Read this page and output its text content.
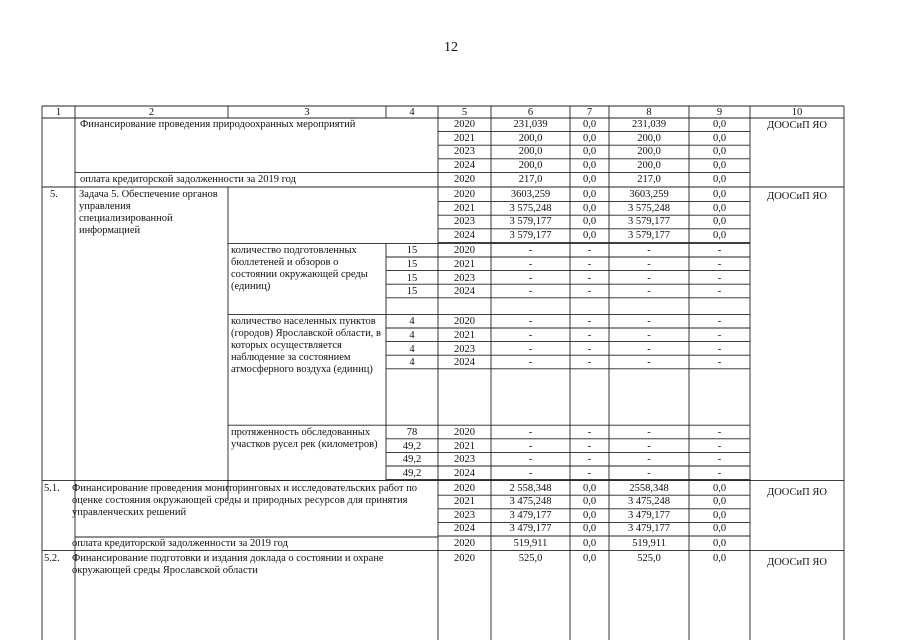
12
1	2	3	4	5	6	7	8	9	10
Финансирование проведения природоохранных мероприятий	2020	231,039	0,0	231,039	0,0
2021	200,0	0,0	200,0	0,0
2023	200,0	0,0	200,0	0,0
2024	200,0	0,0	200,0	0,0
ДООСиП ЯО
оплата кредиторской задолженности за 2019 год	2020	217,0	0,0	217,0	0,0
5.	Задача 5. Обеспечение органов управления специализированной информацией
ДООСиП ЯО
2020	3603,259	0,0	3603,259	0,0
2021	3 575,248	0,0	3 575,248	0,0
2023	3 579,177	0,0	3 579,177	0,0
2024	3 579,177	0,0	3 579,177	0,0
количество подготовленных бюллетеней и обзоров о состоянии окружающей среды (единиц)
15	2020	-	-	-	-
15	2021	-	-	-	-
15	2023	-	-	-	-
15	2024	-	-	-	-
количество населенных пунктов (городов) Ярославской области, в которых осуществляется наблюдение за состоянием атмосферного воздуха (единиц)
4	2020	-	-	-	-
4	2021	-	-	-	-
4	2023	-	-	-	-
4	2024	-	-	-	-
протяженность обследованных участков русел рек (километров)
78	2020	-	-	-	-
49,2	2021	-	-	-	-
49,2	2023	-	-	-	-
49,2	2024	-	-	-	-
5.1.	Финансирование проведения мониторинговых и исследовательских работ по оценке состояния окружающей среды и природных ресурсов для принятия управленческих решений
ДООСиП ЯО
2020	2 558,348	0,0	2558,348	0,0
2021	3 475,248	0,0	3 475,248	0,0
2023	3 479,177	0,0	3 479,177	0,0
2024	3 479,177	0,0	3 479,177	0,0
оплата кредиторской задолженности за 2019 год	2020	519,911	0,0	519,911	0,0
5.2.	Финансирование подготовки и издания доклада о состоянии и охране окружающей среды Ярославской области
ДООСиП ЯО
2020	525,0	0,0	525,0	0,0
